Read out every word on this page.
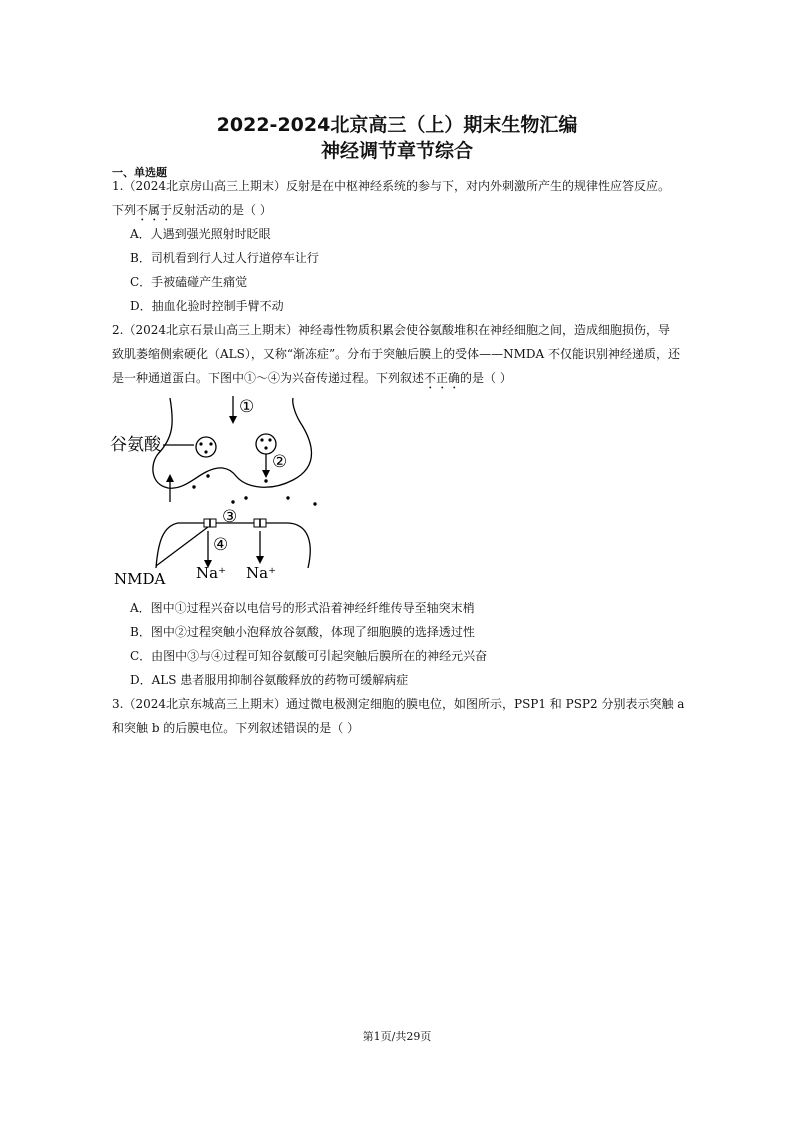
2022-2024北京高三（上）期末生物汇编
神经调节章节综合
一、单选题
1.（2024北京房山高三上期末）反射是在中枢神经系统的参与下，对内外刺激所产生的规律性应答反应。
下列不属于反射活动的是（ ）
A．人遇到强光照射时眨眼
B．司机看到行人过人行道停车让行
C．手被磕碰产生痛觉
D．抽血化验时控制手臂不动
2.（2024北京石景山高三上期末）神经毒性物质积累会使谷氨酸堆积在神经细胞之间，造成细胞损伤，导
致肌萎缩侧索硬化（ALS），又称“渐冻症”。分布于突触后膜上的受体——NMDA 不仅能识别神经递质，还
是一种通道蛋白。下图中①～④为兴奋传递过程。下列叙述不正确的是（ ）
谷氨酸
NMDA Na⁺ Na⁺
①
②
③
④
A．图中①过程兴奋以电信号的形式沿着神经纤维传导至轴突末梢
B．图中②过程突触小泡释放谷氨酸，体现了细胞膜的选择透过性
C．由图中③与④过程可知谷氨酸可引起突触后膜所在的神经元兴奋
D．ALS 患者服用抑制谷氨酸释放的药物可缓解病症
3.（2024北京东城高三上期末）通过微电极测定细胞的膜电位，如图所示，PSP1 和 PSP2 分别表示突触 a
和突触 b 的后膜电位。下列叙述错误的是（ ）
第1页/共29页
